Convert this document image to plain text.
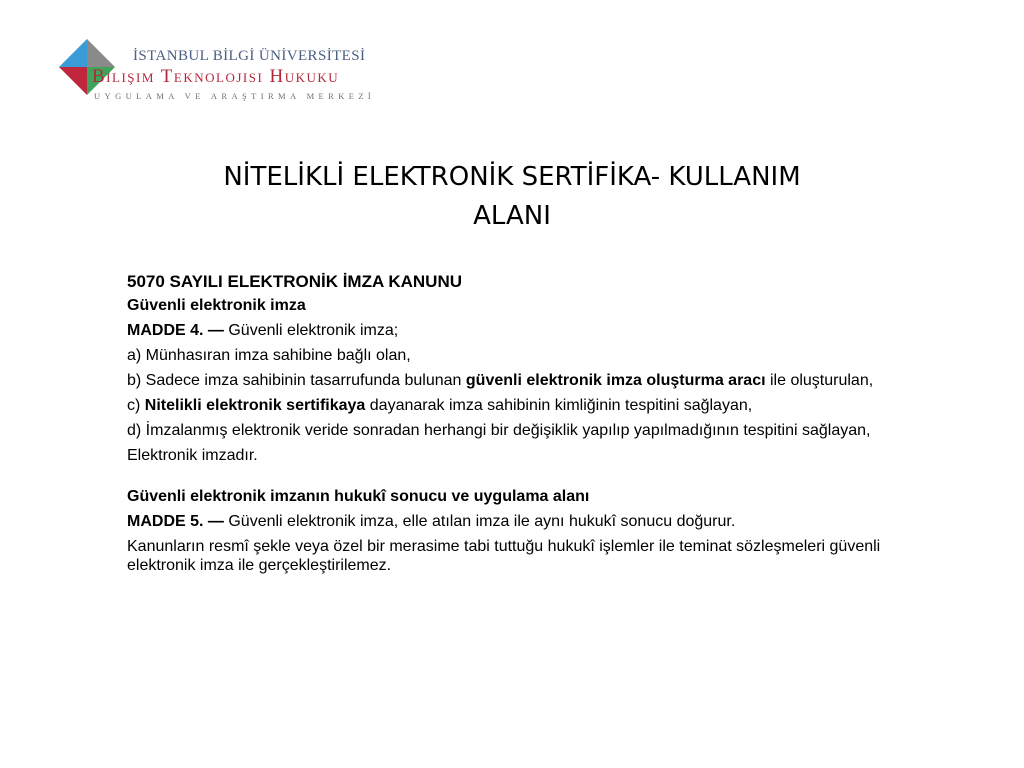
İSTANBUL BİLGİ ÜNİVERSİTESİ
Bilişim Teknolojisi Hukuku
UYGULAMA VE ARAŞTIRMA MERKEZİ
NİTELİKLİ ELEKTRONİK SERTİFİKA- KULLANIM
ALANI

5070 SAYILI ELEKTRONİK İMZA KANUNU

Güvenli elektronik imza

MADDE 4. — Güvenli elektronik imza;

a) Münhasıran imza sahibine bağlı olan,

b) Sadece imza sahibinin tasarrufunda bulunan güvenli elektronik imza oluşturma aracı ile oluşturulan,

c) Nitelikli elektronik sertifikaya dayanarak imza sahibinin kimliğinin tespitini sağlayan,

d) İmzalanmış elektronik veride sonradan herhangi bir değişiklik yapılıp yapılmadığının tespitini sağlayan,

Elektronik imzadır.

Güvenli elektronik imzanın hukukî sonucu ve uygulama alanı

MADDE 5. — Güvenli elektronik imza, elle atılan imza ile aynı hukukî sonucu doğurur.

Kanunların resmî şekle veya özel bir merasime tabi tuttuğu hukukî işlemler ile teminat sözleşmeleri güvenli elektronik imza ile gerçekleştirilemez.
